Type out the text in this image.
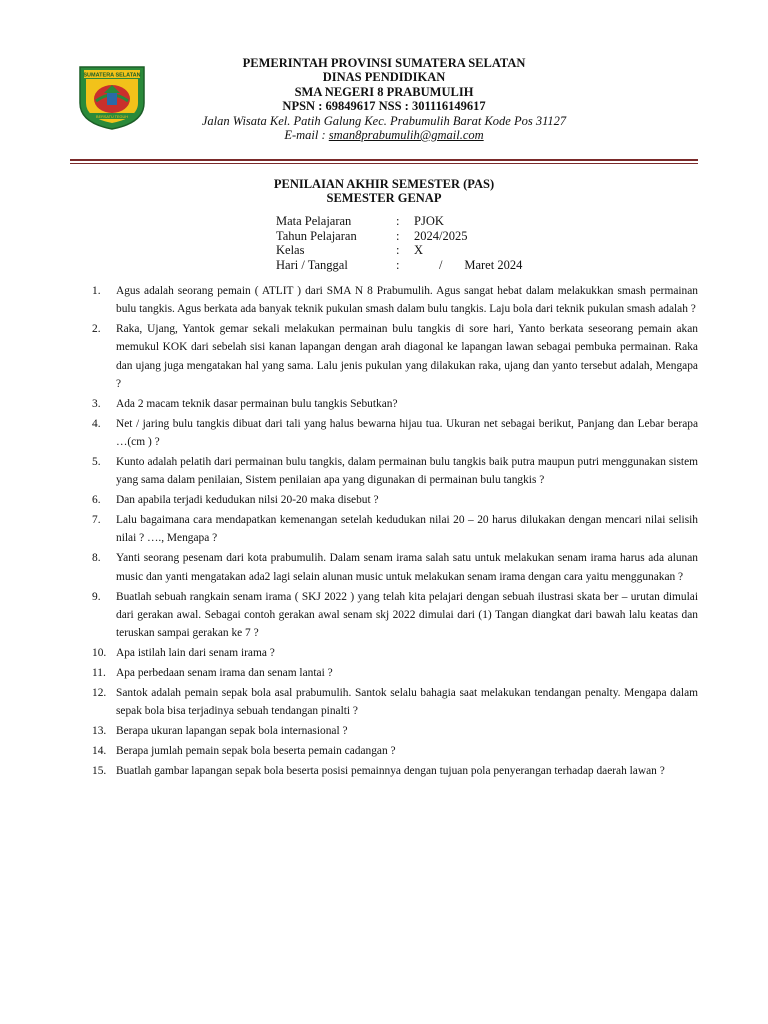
SUMATERA SELATAN
BERSATU TEGUH
PEMERINTAH PROVINSI SUMATERA SELATAN
DINAS PENDIDIKAN
SMA NEGERI 8 PRABUMULIH
NPSN : 69849617 NSS : 301116149617
Jalan Wisata Kel. Patih Galung Kec. Prabumulih Barat Kode Pos 31127
E-mail : sman8prabumulih@gmail.com
PENILAIAN AKHIR SEMESTER (PAS)
SEMESTER GENAP
Mata Pelajaran	:	PJOK
Tahun Pelajaran	:	2024/2025
Kelas	:	X
Hari / Tanggal	:	/       Maret 2024
1.	Agus adalah seorang pemain ( ATLIT ) dari SMA N 8 Prabumulih. Agus sangat hebat dalam melakukkan smash permainan bulu tangkis. Agus berkata ada banyak teknik pukulan smash dalam bulu tangkis. Laju bola dari teknik pukulan smash adalah ?
2.	Raka, Ujang, Yantok gemar sekali melakukan permainan bulu tangkis di sore hari, Yanto berkata seseorang pemain akan memukul KOK dari sebelah sisi kanan lapangan dengan arah diagonal ke lapangan lawan sebagai pembuka permainan. Raka dan ujang juga mengatakan hal yang sama. Lalu jenis pukulan yang dilakukan raka, ujang dan yanto tersebut adalah, Mengapa ?
3.	Ada 2 macam teknik dasar permainan bulu tangkis Sebutkan?
4.	Net / jaring bulu tangkis dibuat dari tali yang halus bewarna hijau tua. Ukuran net sebagai berikut, Panjang dan Lebar berapa …(cm ) ?
5.	Kunto adalah pelatih dari permainan bulu tangkis, dalam permainan bulu tangkis baik putra maupun putri menggunakan sistem yang sama dalam penilaian, Sistem penilaian apa yang digunakan di permainan bulu tangkis ?
6.	Dan apabila terjadi kedudukan nilsi 20-20 maka disebut ?
7.	Lalu bagaimana cara mendapatkan kemenangan setelah kedudukan nilai 20 – 20 harus dilukakan dengan mencari nilai selisih nilai ? …., Mengapa ?
8.	Yanti seorang pesenam dari kota prabumulih. Dalam senam irama salah satu untuk melakukan senam irama harus ada alunan music dan yanti mengatakan ada2 lagi selain alunan music untuk melakukan senam irama dengan cara yaitu menggunakan ?
9.	Buatlah sebuah rangkain senam irama ( SKJ 2022 ) yang telah kita pelajari dengan sebuah ilustrasi skata ber – urutan dimulai dari gerakan awal. Sebagai contoh gerakan awal senam skj 2022 dimulai dari (1) Tangan diangkat dari bawah lalu keatas dan teruskan sampai gerakan ke 7 ?
10. Apa istilah lain dari senam irama ?
11. Apa perbedaan senam irama dan senam lantai ?
12. Santok adalah pemain sepak bola asal prabumulih. Santok selalu bahagia saat melakukan tendangan penalty. Mengapa dalam sepak bola bisa terjadinya sebuah tendangan pinalti ?
13. Berapa ukuran lapangan sepak bola internasional ?
14. Berapa jumlah pemain sepak bola beserta pemain cadangan ?
15. Buatlah gambar lapangan sepak bola beserta posisi pemainnya dengan tujuan pola penyerangan terhadap daerah lawan ?
